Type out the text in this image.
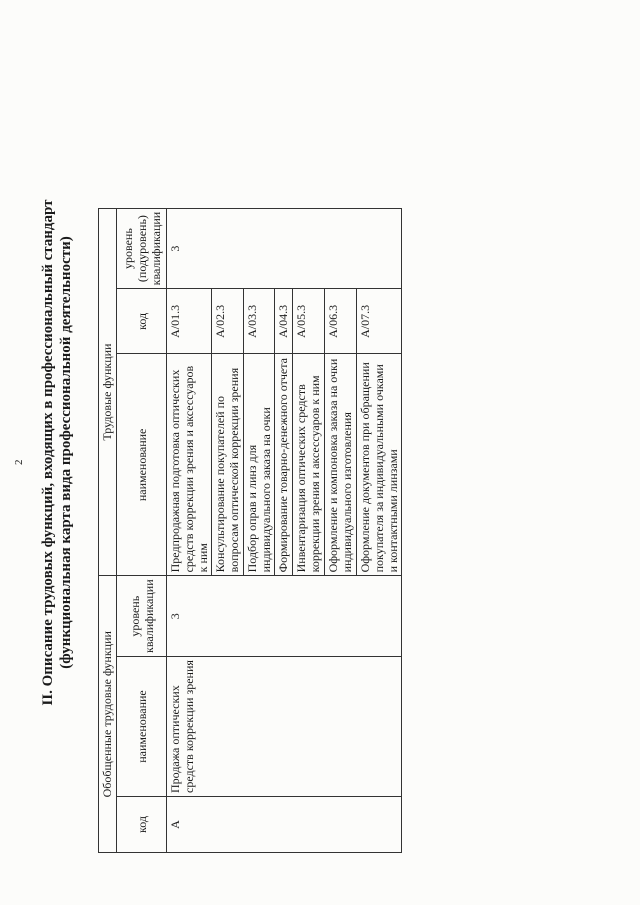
2 II. Описание трудовых функций, входящих в профессиональный стандарт (функциональная карта вида профессиональной деятельности)
Обобщенные трудовые функции			Трудовые функции		
код	наименование	уровень квалификации	наименование	код	уровень (подуровень) квалификации
A	Продажа оптических средств коррекции зрения	3	Предпродажная подготовка оптических средств коррекции зрения и аксессуаров к ним	A/01.3	3
			Консультирование покупателей по вопросам оптической коррекции зрения	A/02.3	
			Подбор оправ и линз для индивидуального заказа на очки	A/03.3	
			Формирование товарно-денежного отчета	A/04.3	
			Инвентаризация оптических средств коррекции зрения и аксессуаров к ним	A/05.3	
			Оформление и компоновка заказа на очки индивидуального изготовления	A/06.3	
			Оформление документов при обращении покупателя за индивидуальными очками и контактными линзами	A/07.3	
